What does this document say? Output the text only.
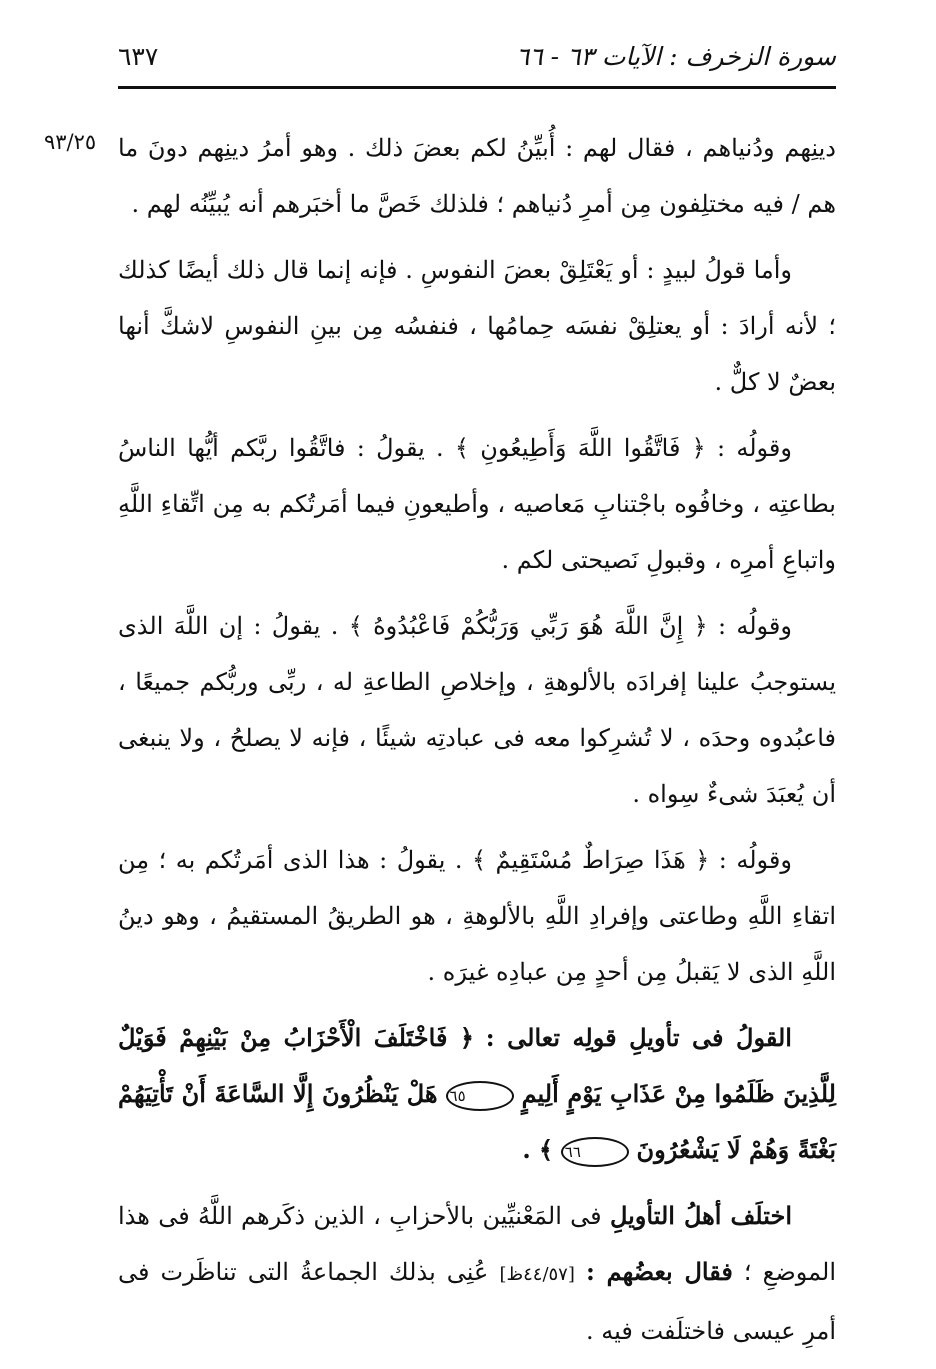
سورة الزخرف : الآيات ٦٣ - ٦٦
٦٣٧
٩٣/٢٥ دينِهم ودُنياهم ، فقال لهم : أُبيِّنُ لكم بعضَ ذلك . وهو أمرُ دينِهم دونَ ما هم / فيه مختلِفون مِن أمرِ دُنياهم ؛ فلذلك خَصَّ ما أخبَرهم أنه يُبيِّنُه لهم .

وأما قولُ لبيدٍ : أو يَعْتَلِقْ بعضَ النفوسِ . فإنه إنما قال ذلك أيضًا كذلك ؛ لأنه أرادَ : أو يعتلِقْ نفسَه حِمامُها ، فنفسُه مِن بينِ النفوسِ لاشكَّ أنها بعضٌ لا كلٌّ .

وقولُه : ﴿ فَاتَّقُوا اللَّهَ وَأَطِيعُونِ ﴾ . يقولُ : فاتَّقُوا ربَّكم أيُّها الناسُ بطاعتِه ، وخافُوه باجْتنابِ مَعاصيه ، وأطيعونِ فيما أمَرتُكم به مِن اتِّقاءِ اللَّهِ واتباعِ أمرِه ، وقبولِ نَصيحتى لكم .

وقولُه : ﴿ إِنَّ اللَّهَ هُوَ رَبِّي وَرَبُّكُمْ فَاعْبُدُوهُ ﴾ . يقولُ : إن اللَّهَ الذى يستوجبُ علينا إفرادَه بالألوهةِ ، وإخلاصِ الطاعةِ له ، ربِّى وربُّكم جميعًا ، فاعبُدوه وحدَه ، لا تُشرِكوا معه فى عبادتِه شيئًا ، فإنه لا يصلحُ ، ولا ينبغى أن يُعبَدَ شىءٌ سِواه .

وقولُه : ﴿ هَذَا صِرَاطٌ مُسْتَقِيمٌ ﴾ . يقولُ : هذا الذى أمَرتُكم به ؛ مِن اتقاءِ اللَّهِ وطاعتى وإفرادِ اللَّهِ بالألوهةِ ، هو الطريقُ المستقيمُ ، وهو دينُ اللَّهِ الذى لا يَقبلُ مِن أحدٍ مِن عبادِه غيرَه .

القولُ فى تأويلِ قولِه تعالى : ﴿ فَاخْتَلَفَ الْأَحْزَابُ مِنْ بَيْنِهِمْ فَوَيْلٌ لِلَّذِينَ ظَلَمُوا مِنْ عَذَابِ يَوْمٍ أَلِيمٍ ٦٥ هَلْ يَنْظُرُونَ إِلَّا السَّاعَةَ أَنْ تَأْتِيَهُمْ بَغْتَةً وَهُمْ لَا يَشْعُرُونَ ٦٦ ﴾ .

اختلَف أهلُ التأويلِ فى المَعْنيِّين بالأحزابِ ، الذين ذكَرهم اللَّهُ فى هذا الموضعِ ؛ فقال بعضُهم : [٤٤/٥٧ظ] عُنِى بذلك الجماعةُ التى تناظَرت فى أمرِ عيسى فاختلَفت فيه .
